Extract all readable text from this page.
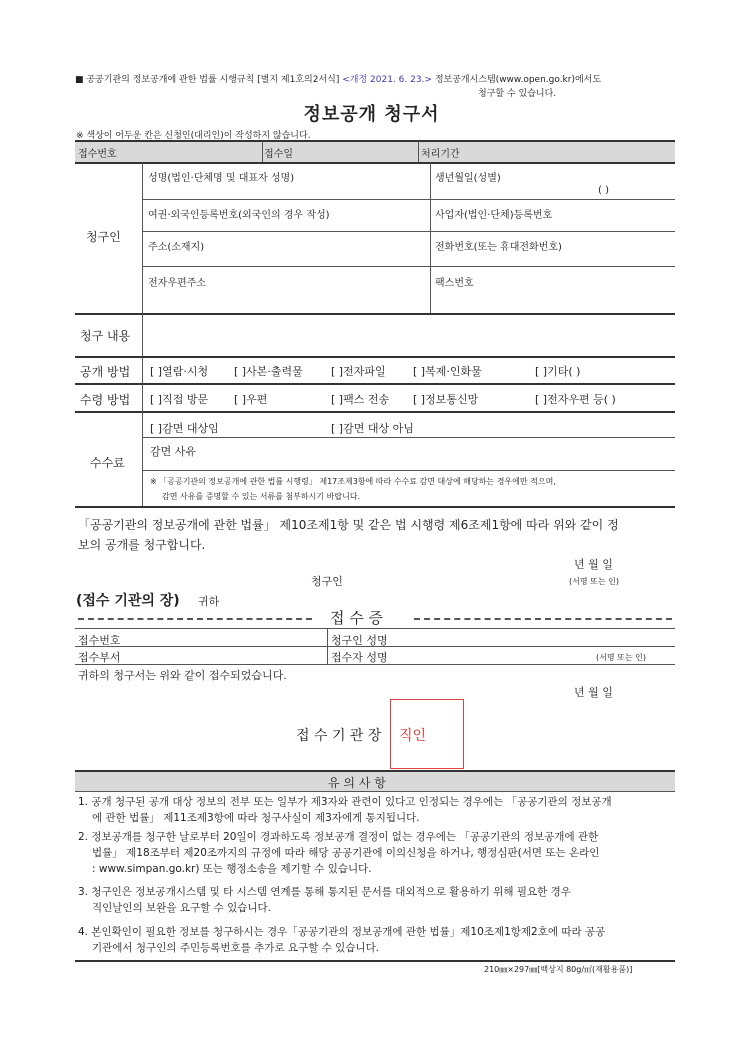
■ 공공기관의 정보공개에 관한 법률 시행규칙 [별지 제1호의2서식] <개정 2021. 6. 23.> 정보공개시스템(www.open.go.kr)에서도
청구할 수 있습니다.
정보공개 청구서
※ 색상이 어두운 칸은 신청인(대리인)이 작성하지 않습니다.
접수번호	접수일	처리기간
청구인
성명(법인·단체명 및 대표자 성명)	생년월일(성별)
( )
여권·외국인등록번호(외국인의 경우 작성)	사업자(법인·단체)등록번호
주소(소재지)	전화번호(또는 휴대전화번호)
전자우편주소	팩스번호
청구 내용
공개 방법 [ ]열람·시청 [ ]사본·출력물	[ ]전자파일 [ ]복제·인화물	[ ]기타( )
수령 방법 [ ]직접 방문 [ ]우편	[ ]팩스 전송 [ ]정보통신망	[ ]전자우편 등( )
수수료
[ ]감면 대상임	[ ]감면 대상 아님
감면 사유
※ 「공공기관의 정보공개에 관한 법률 시행령」 제17조제3항에 따라 수수료 감면 대상에 해당하는 경우에만 적으며,
감면 사유를 증명할 수 있는 서류를 첨부하시기 바랍니다.
「공공기관의 정보공개에 관한 법률」 제10조제1항 및 같은 법 시행령 제6조제1항에 따라 위와 같이 정
보의 공개를 청구합니다.
년 월 일
청구인	(서명 또는 인)
(접수 기관의 장) 귀하
접 수 증
접수번호	청구인 성명
접수부서	접수자 성명	(서명 또는 인)
귀하의 청구서는 위와 같이 접수되었습니다.
년 월 일
접 수 기 관 장 직인
유 의 사 항
1. 공개 청구된 공개 대상 정보의 전부 또는 일부가 제3자와 관련이 있다고 인정되는 경우에는 「공공기관의 정보공개
에 관한 법률」 제11조제3항에 따라 청구사실이 제3자에게 통지됩니다.
2. 정보공개를 청구한 날로부터 20일이 경과하도록 정보공개 결정이 없는 경우에는 「공공기관의 정보공개에 관한
법률」 제18조부터 제20조까지의 규정에 따라 해당 공공기관에 이의신청을 하거나, 행정심판(서면 또는 온라인
: www.simpan.go.kr) 또는 행정소송을 제기할 수 있습니다.
3. 청구인은 정보공개시스템 및 타 시스템 연계를 통해 통지된 문서를 대외적으로 활용하기 위해 필요한 경우
직인날인의 보완을 요구할 수 있습니다.
4. 본인확인이 필요한 정보를 청구하시는 경우「공공기관의 정보공개에 관한 법률」제10조제1항제2호에 따라 공공
기관에서 청구인의 주민등록번호를 추가로 요구할 수 있습니다.
210㎜×297㎜[백상지 80g/㎡(재활용품)]
